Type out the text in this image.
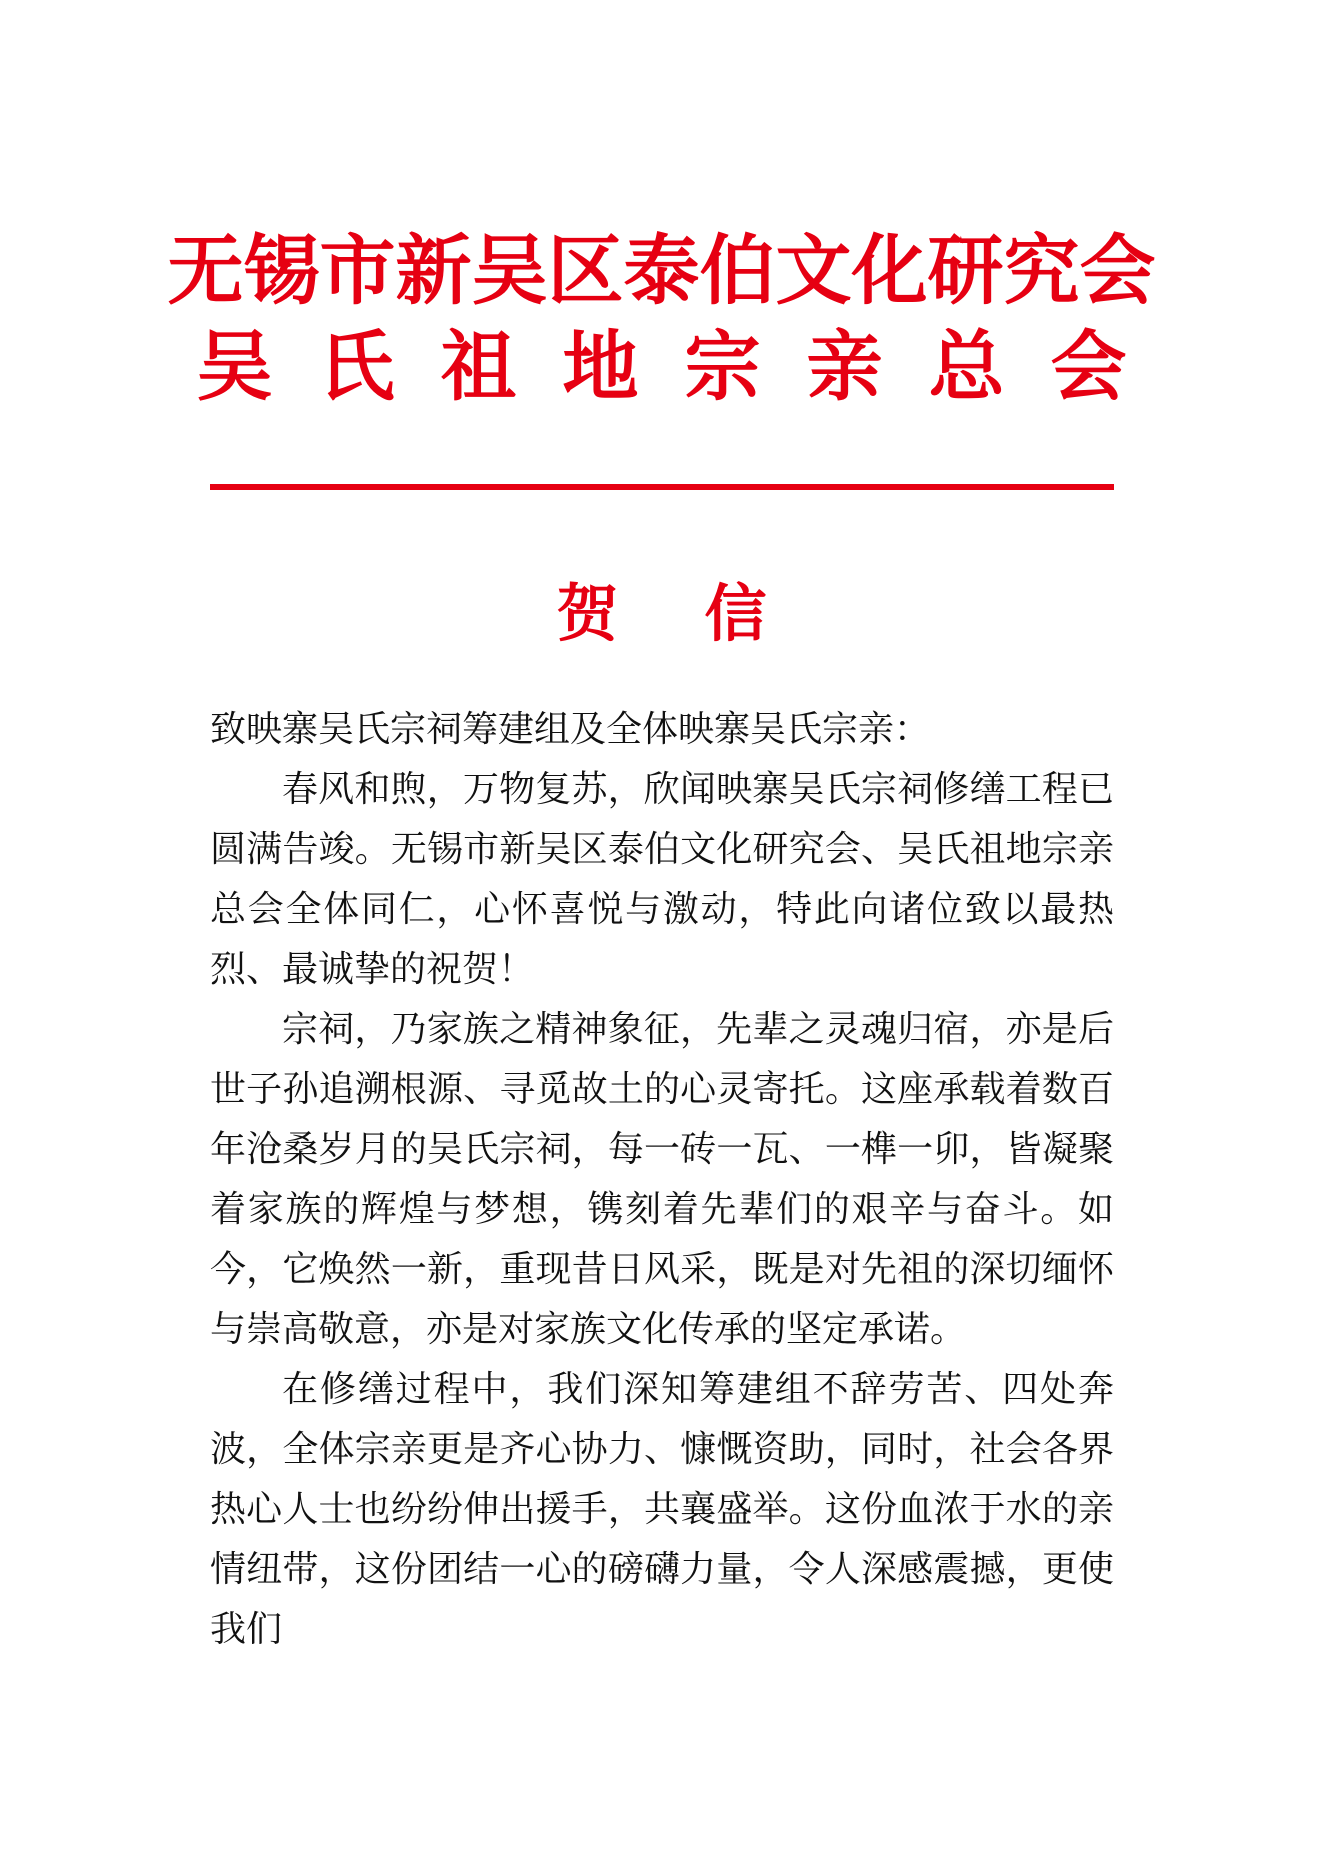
无锡市新吴区泰伯文化研究会
吴氏祖地宗亲总会
贺信

致映寨吴氏宗祠筹建组及全体映寨吴氏宗亲：

春风和煦，万物复苏，欣闻映寨吴氏宗祠修缮工程已圆满告竣。无锡市新吴区泰伯文化研究会、吴氏祖地宗亲总会全体同仁，心怀喜悦与激动，特此向诸位致以最热烈、最诚挚的祝贺！

宗祠，乃家族之精神象征，先辈之灵魂归宿，亦是后世子孙追溯根源、寻觅故土的心灵寄托。这座承载着数百年沧桑岁月的吴氏宗祠，每一砖一瓦、一榫一卯，皆凝聚着家族的辉煌与梦想，镌刻着先辈们的艰辛与奋斗。如今，它焕然一新，重现昔日风采，既是对先祖的深切缅怀与崇高敬意，亦是对家族文化传承的坚定承诺。

在修缮过程中，我们深知筹建组不辞劳苦、四处奔波，全体宗亲更是齐心协力、慷慨资助，同时，社会各界热心人士也纷纷伸出援手，共襄盛举。这份血浓于水的亲情纽带，这份团结一心的磅礴力量，令人深感震撼，更使我们
